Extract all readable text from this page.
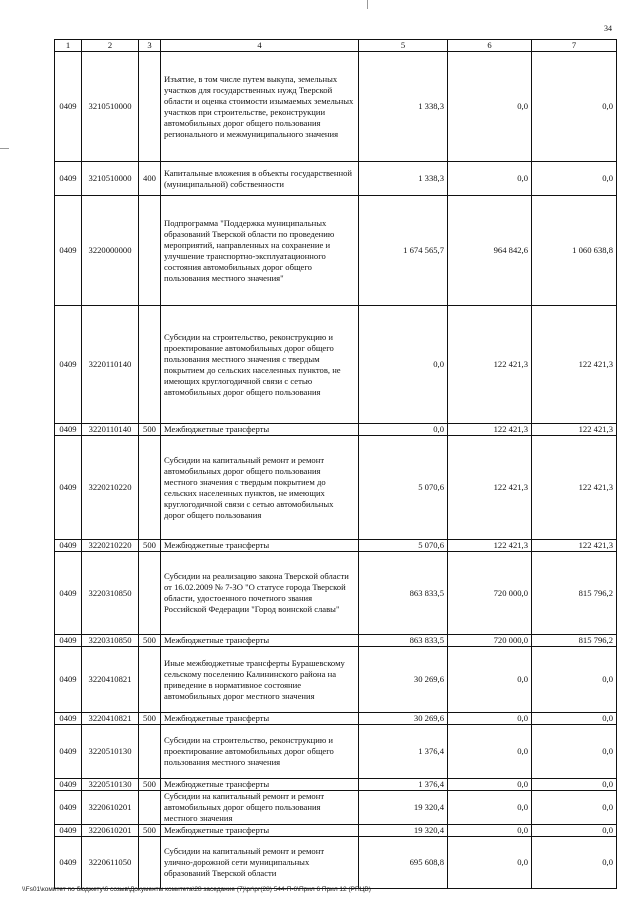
34
1	2	3	4	5	6	7
0409	3210510000		Изъятие, в том числе путем выкупа, земельных участков для государственных нужд Тверской области и оценка стоимости изымаемых земельных участков при строительстве, реконструкции автомобильных дорог общего пользования регионального и межмуниципального значения	1 338,3	0,0	0,0
0409	3210510000	400	Капитальные вложения в объекты государственной (муниципальной) собственности	1 338,3	0,0	0,0
0409	3220000000		Подпрограмма "Поддержка муниципальных образований Тверской области по проведению мероприятий, направленных на сохранение и улучшение транспортно-эксплуатационного состояния автомобильных дорог общего пользования местного значения"	1 674 565,7	964 842,6	1 060 638,8
0409	3220110140		Субсидии на строительство, реконструкцию и проектирование автомобильных дорог общего пользования местного значения с твердым покрытием до сельских населенных пунктов, не имеющих круглогодичной связи с сетью автомобильных дорог общего пользования	0,0	122 421,3	122 421,3
0409	3220110140	500	Межбюджетные трансферты	0,0	122 421,3	122 421,3
0409	3220210220		Субсидии на капитальный ремонт и ремонт автомобильных дорог общего пользования местного значения с твердым покрытием до сельских населенных пунктов, не имеющих круглогодичной связи с сетью автомобильных дорог общего пользования	5 070,6	122 421,3	122 421,3
0409	3220210220	500	Межбюджетные трансферты	5 070,6	122 421,3	122 421,3
0409	3220310850		Субсидии на реализацию закона Тверской области от 16.02.2009 № 7-ЗО "О статусе города Тверской области, удостоенного почетного звания Российской Федерации "Город воинской славы"	863 833,5	720 000,0	815 796,2
0409	3220310850	500	Межбюджетные трансферты	863 833,5	720 000,0	815 796,2
0409	3220410821		Иные межбюджетные трансферты Бурашевскому сельскому поселению Калининского района на приведение в нормативное состояние автомобильных дорог местного значения	30 269,6	0,0	0,0
0409	3220410821	500	Межбюджетные трансферты	30 269,6	0,0	0,0
0409	3220510130		Субсидии на строительство, реконструкцию и проектирование автомобильных дорог общего пользования местного значения	1 376,4	0,0	0,0
0409	3220510130	500	Межбюджетные трансферты	1 376,4	0,0	0,0
0409	3220610201		Субсидии на капитальный ремонт и ремонт автомобильных дорог общего пользования местного значения	19 320,4	0,0	0,0
0409	3220610201	500	Межбюджетные трансферты	19 320,4	0,0	0,0
0409	3220611050		Субсидии на капитальный ремонт и ремонт улично-дорожной сети муниципальных образований Тверской области	695 608,8	0,0	0,0
\\Fs01\комитет по бюджету\6 созыв\Документы комитета\28 заседание (7)\рг\рг(28) 544-П-6\Прил 6 Прил 12 (РПЦВ)
